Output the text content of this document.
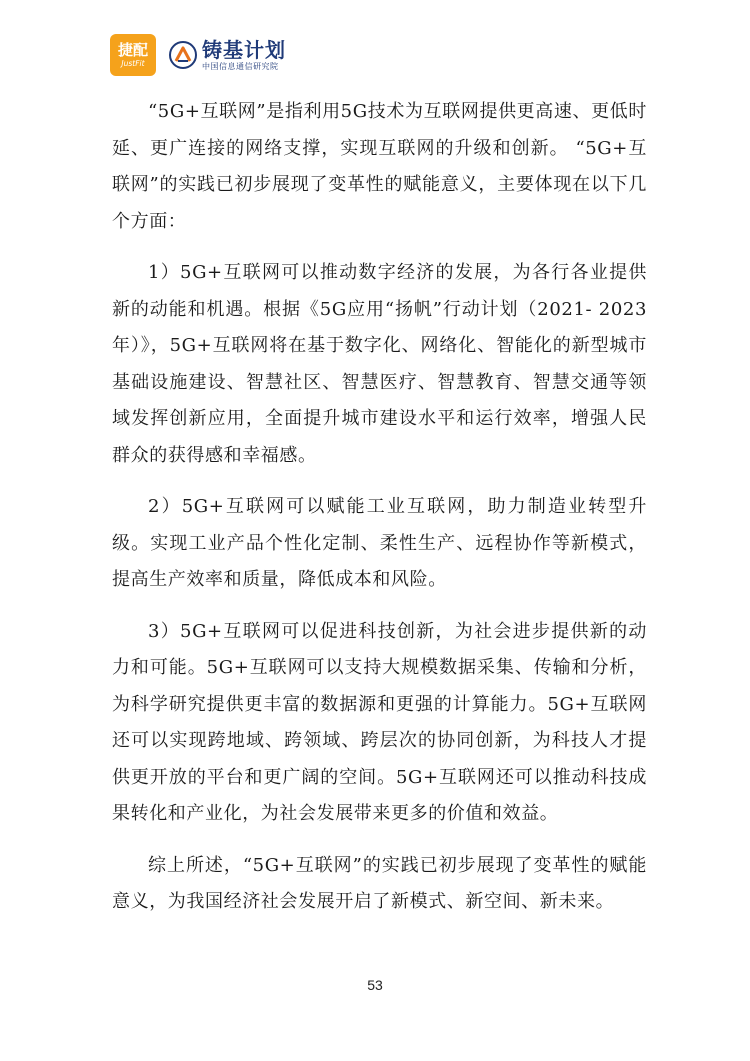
捷配
JustFit
铸基计划
中国信息通信研究院

“5G+互联网”是指利用5G技术为互联网提供更高速、更低时延、更广连接的网络支撑，实现互联网的升级和创新。 “5G+互联网”的实践已初步展现了变革性的赋能意义，主要体现在以下几个方面：

1）5G+互联网可以推动数字经济的发展，为各行各业提供新的动能和机遇。根据《5G应用“扬帆”行动计划（2021- 2023年）》，5G+互联网将在基于数字化、网络化、智能化的新型城市基础设施建设、智慧社区、智慧医疗、智慧教育、智慧交通等领域发挥创新应用，全面提升城市建设水平和运行效率，增强人民群众的获得感和幸福感。

2）5G+互联网可以赋能工业互联网，助力制造业转型升级。实现工业产品个性化定制、柔性生产、远程协作等新模式，提高生产效率和质量，降低成本和风险。

3）5G+互联网可以促进科技创新，为社会进步提供新的动力和可能。5G+互联网可以支持大规模数据采集、传输和分析，为科学研究提供更丰富的数据源和更强的计算能力。5G+互联网还可以实现跨地域、跨领域、跨层次的协同创新，为科技人才提供更开放的平台和更广阔的空间。5G+互联网还可以推动科技成果转化和产业化，为社会发展带来更多的价值和效益。

综上所述，“5G+互联网”的实践已初步展现了变革性的赋能意义，为我国经济社会发展开启了新模式、新空间、新未来。

53
